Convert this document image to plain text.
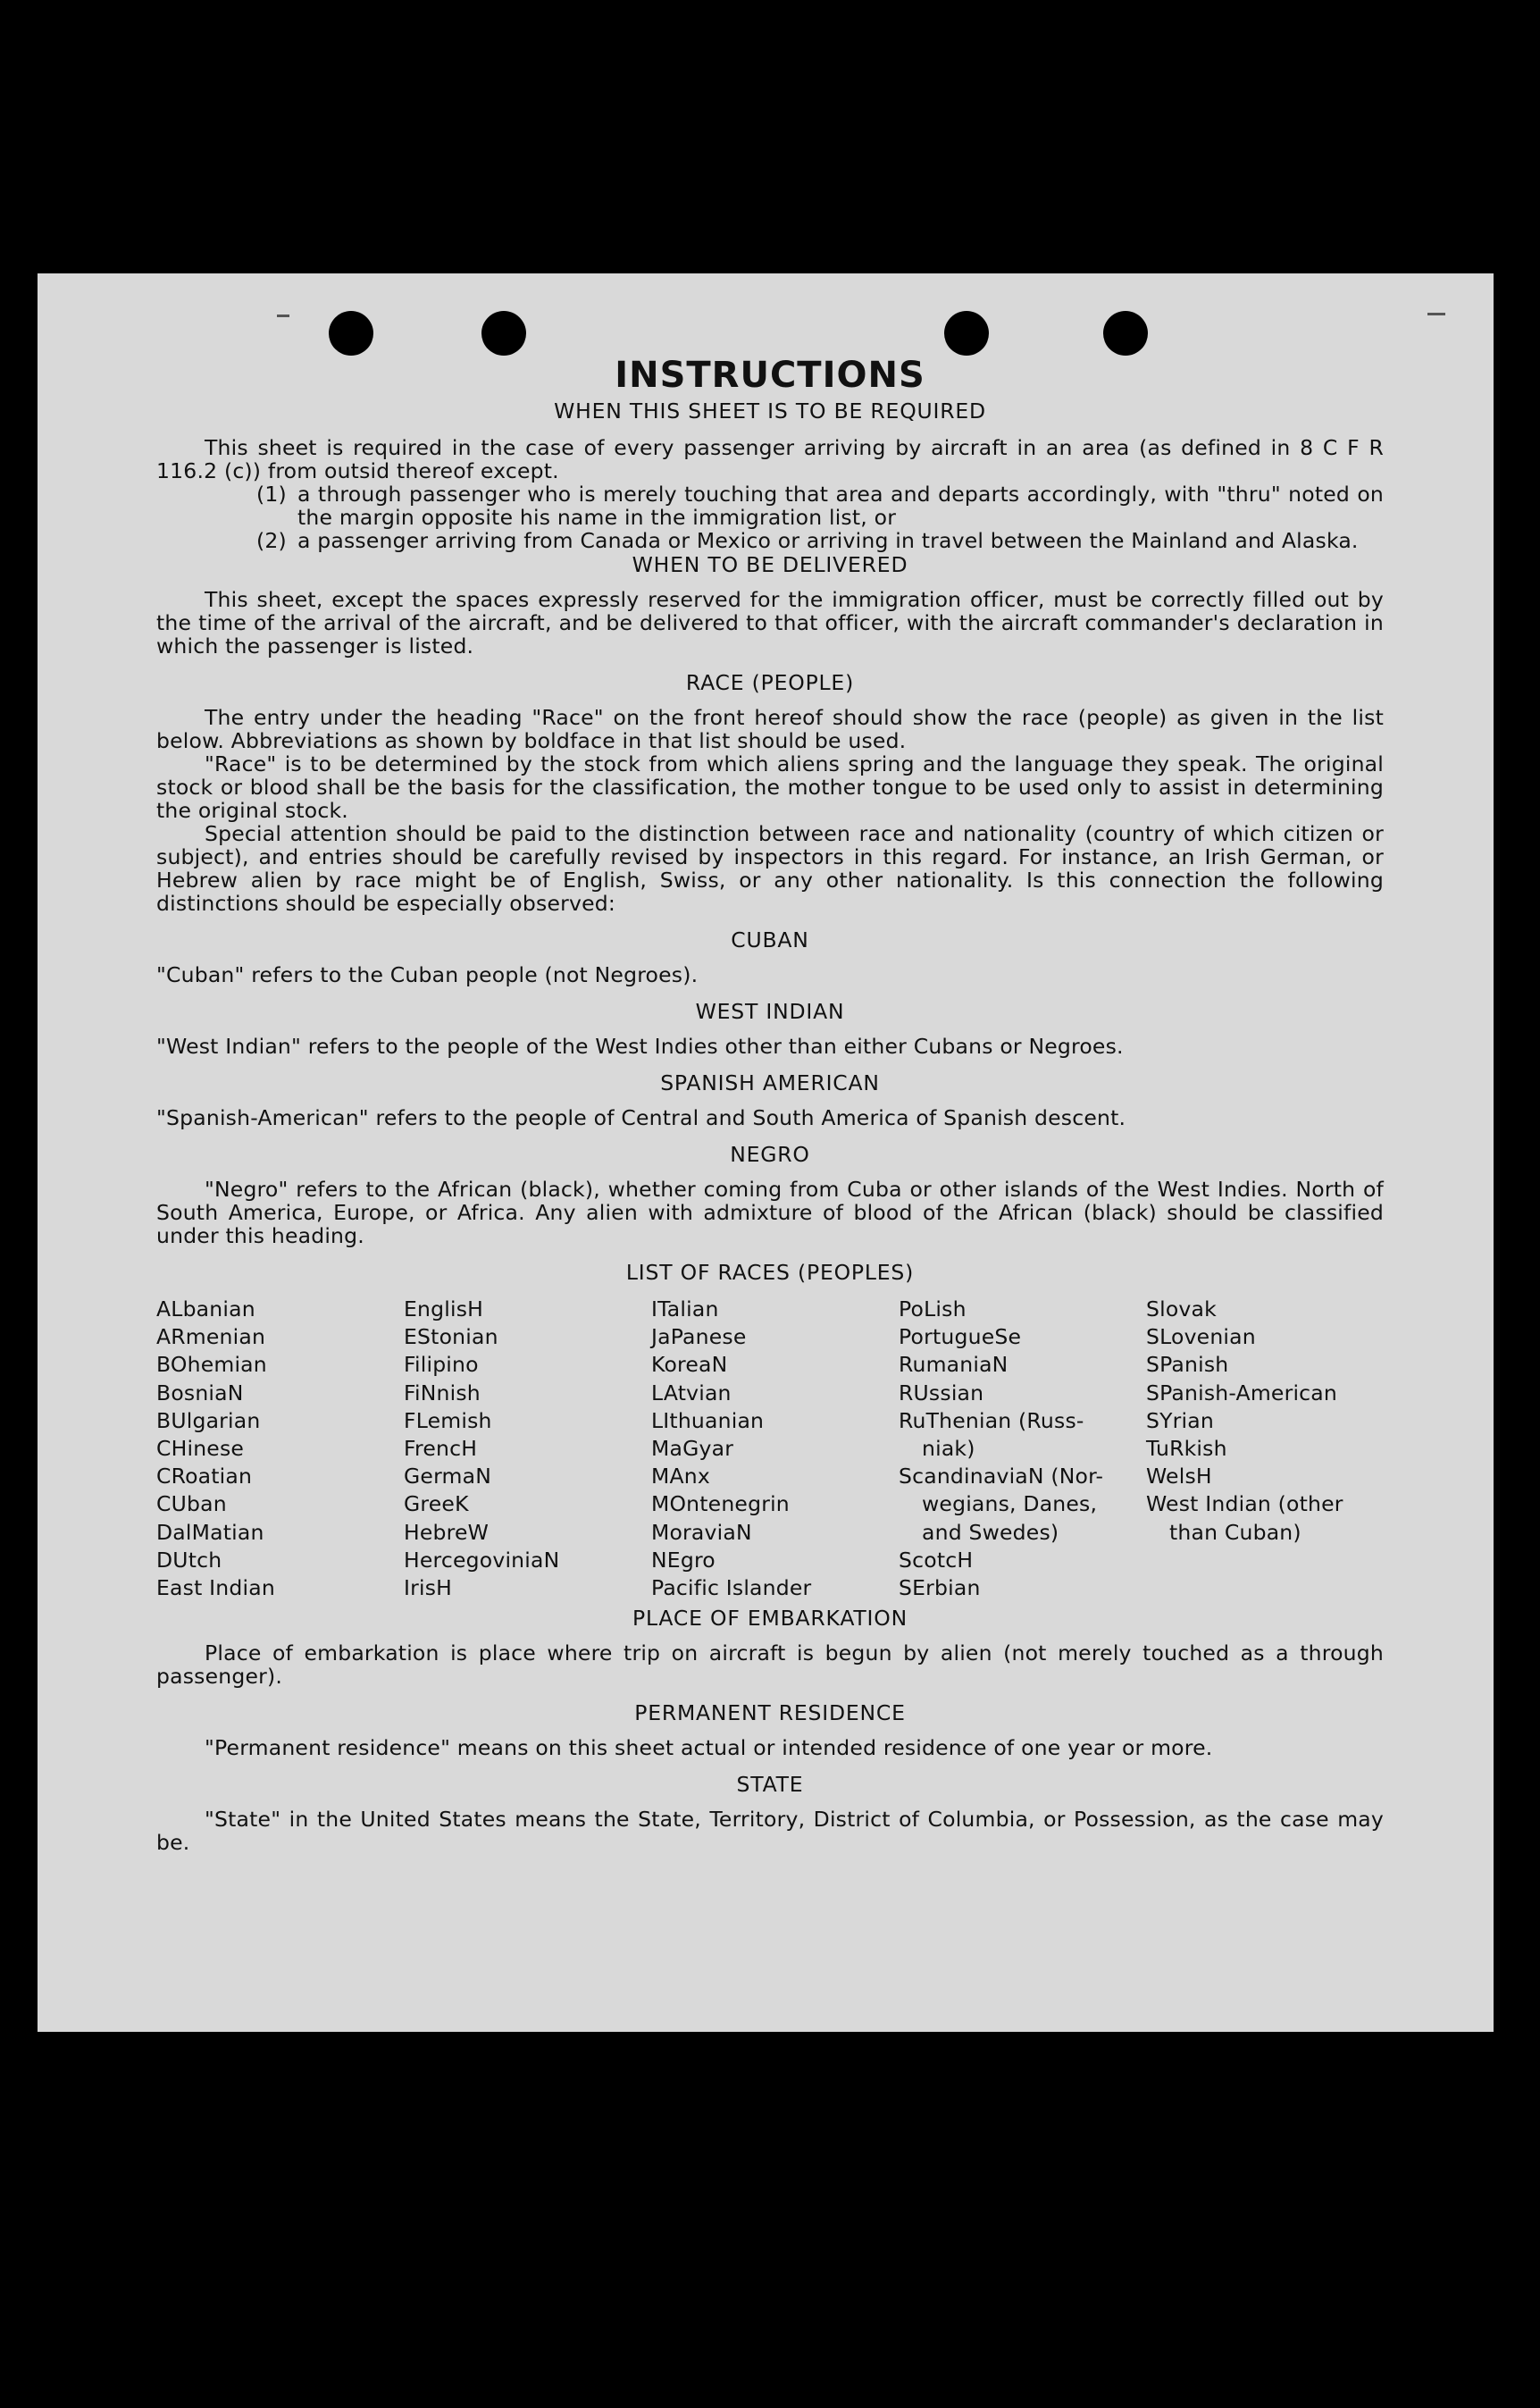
INSTRUCTIONS
WHEN THIS SHEET IS TO BE REQUIRED

This sheet is required in the case of every passenger arriving by aircraft in an area (as defined in 8 C F R 116.2 (c)) from outsid thereof except.

(1) a through passenger who is merely touching that area and departs accordingly, with "thru" noted on the margin opposite his name in the immigration list, or
(2) a passenger arriving from Canada or Mexico or arriving in travel between the Mainland and Alaska.
WHEN TO BE DELIVERED

This sheet, except the spaces expressly reserved for the immigration officer, must be correctly filled out by the time of the arrival of the aircraft, and be delivered to that officer, with the aircraft commander's declaration in which the passenger is listed.

RACE (PEOPLE)

The entry under the heading "Race" on the front hereof should show the race (people) as given in the list below. Abbreviations as shown by boldface in that list should be used.

"Race" is to be determined by the stock from which aliens spring and the language they speak. The original stock or blood shall be the basis for the classification, the mother tongue to be used only to assist in determining the original stock.

Special attention should be paid to the distinction between race and nationality (country of which citizen or subject), and entries should be carefully revised by inspectors in this regard. For instance, an Irish German, or Hebrew alien by race might be of English, Swiss, or any other nationality. Is this connection the following distinctions should be especially observed:

CUBAN

"Cuban" refers to the Cuban people (not Negroes).

WEST INDIAN

"West Indian" refers to the people of the West Indies other than either Cubans or Negroes.

SPANISH AMERICAN

"Spanish-American" refers to the people of Central and South America of Spanish descent.

NEGRO

"Negro" refers to the African (black), whether coming from Cuba or other islands of the West Indies. North of South America, Europe, or Africa. Any alien with admixture of blood of the African (black) should be classified under this heading.

LIST OF RACES (PEOPLES)
ALbanian
ARmenian
BOhemian
BosniaN
BUlgarian
CHinese
CRoatian
CUban
DalMatian
DUtch
East Indian
EnglisH
EStonian
Filipino
FiNnish
FLemish
FrencH
GermaN
GreeK
HebreW
HercegoviniaN
IrisH
ITalian
JaPanese
KoreaN
LAtvian
LIthuanian
MaGyar
MAnx
MOntenegrin
MoraviaN
NEgro
Pacific Islander
PoLish
PortugueSe
RumaniaN
RUssian
RuThenian (Russ-
niak)
ScandinaviaN (Nor-
wegians, Danes,
and Swedes)
ScotcH
SErbian
Slovak
SLovenian
SPanish
SPanish-American
SYrian
TuRkish
WelsH
West Indian (other
than Cuban)
PLACE OF EMBARKATION

Place of embarkation is place where trip on aircraft is begun by alien (not merely touched as a through passenger).

PERMANENT RESIDENCE

"Permanent residence" means on this sheet actual or intended residence of one year or more.

STATE

"State" in the United States means the State, Territory, District of Columbia, or Possession, as the case may be.
